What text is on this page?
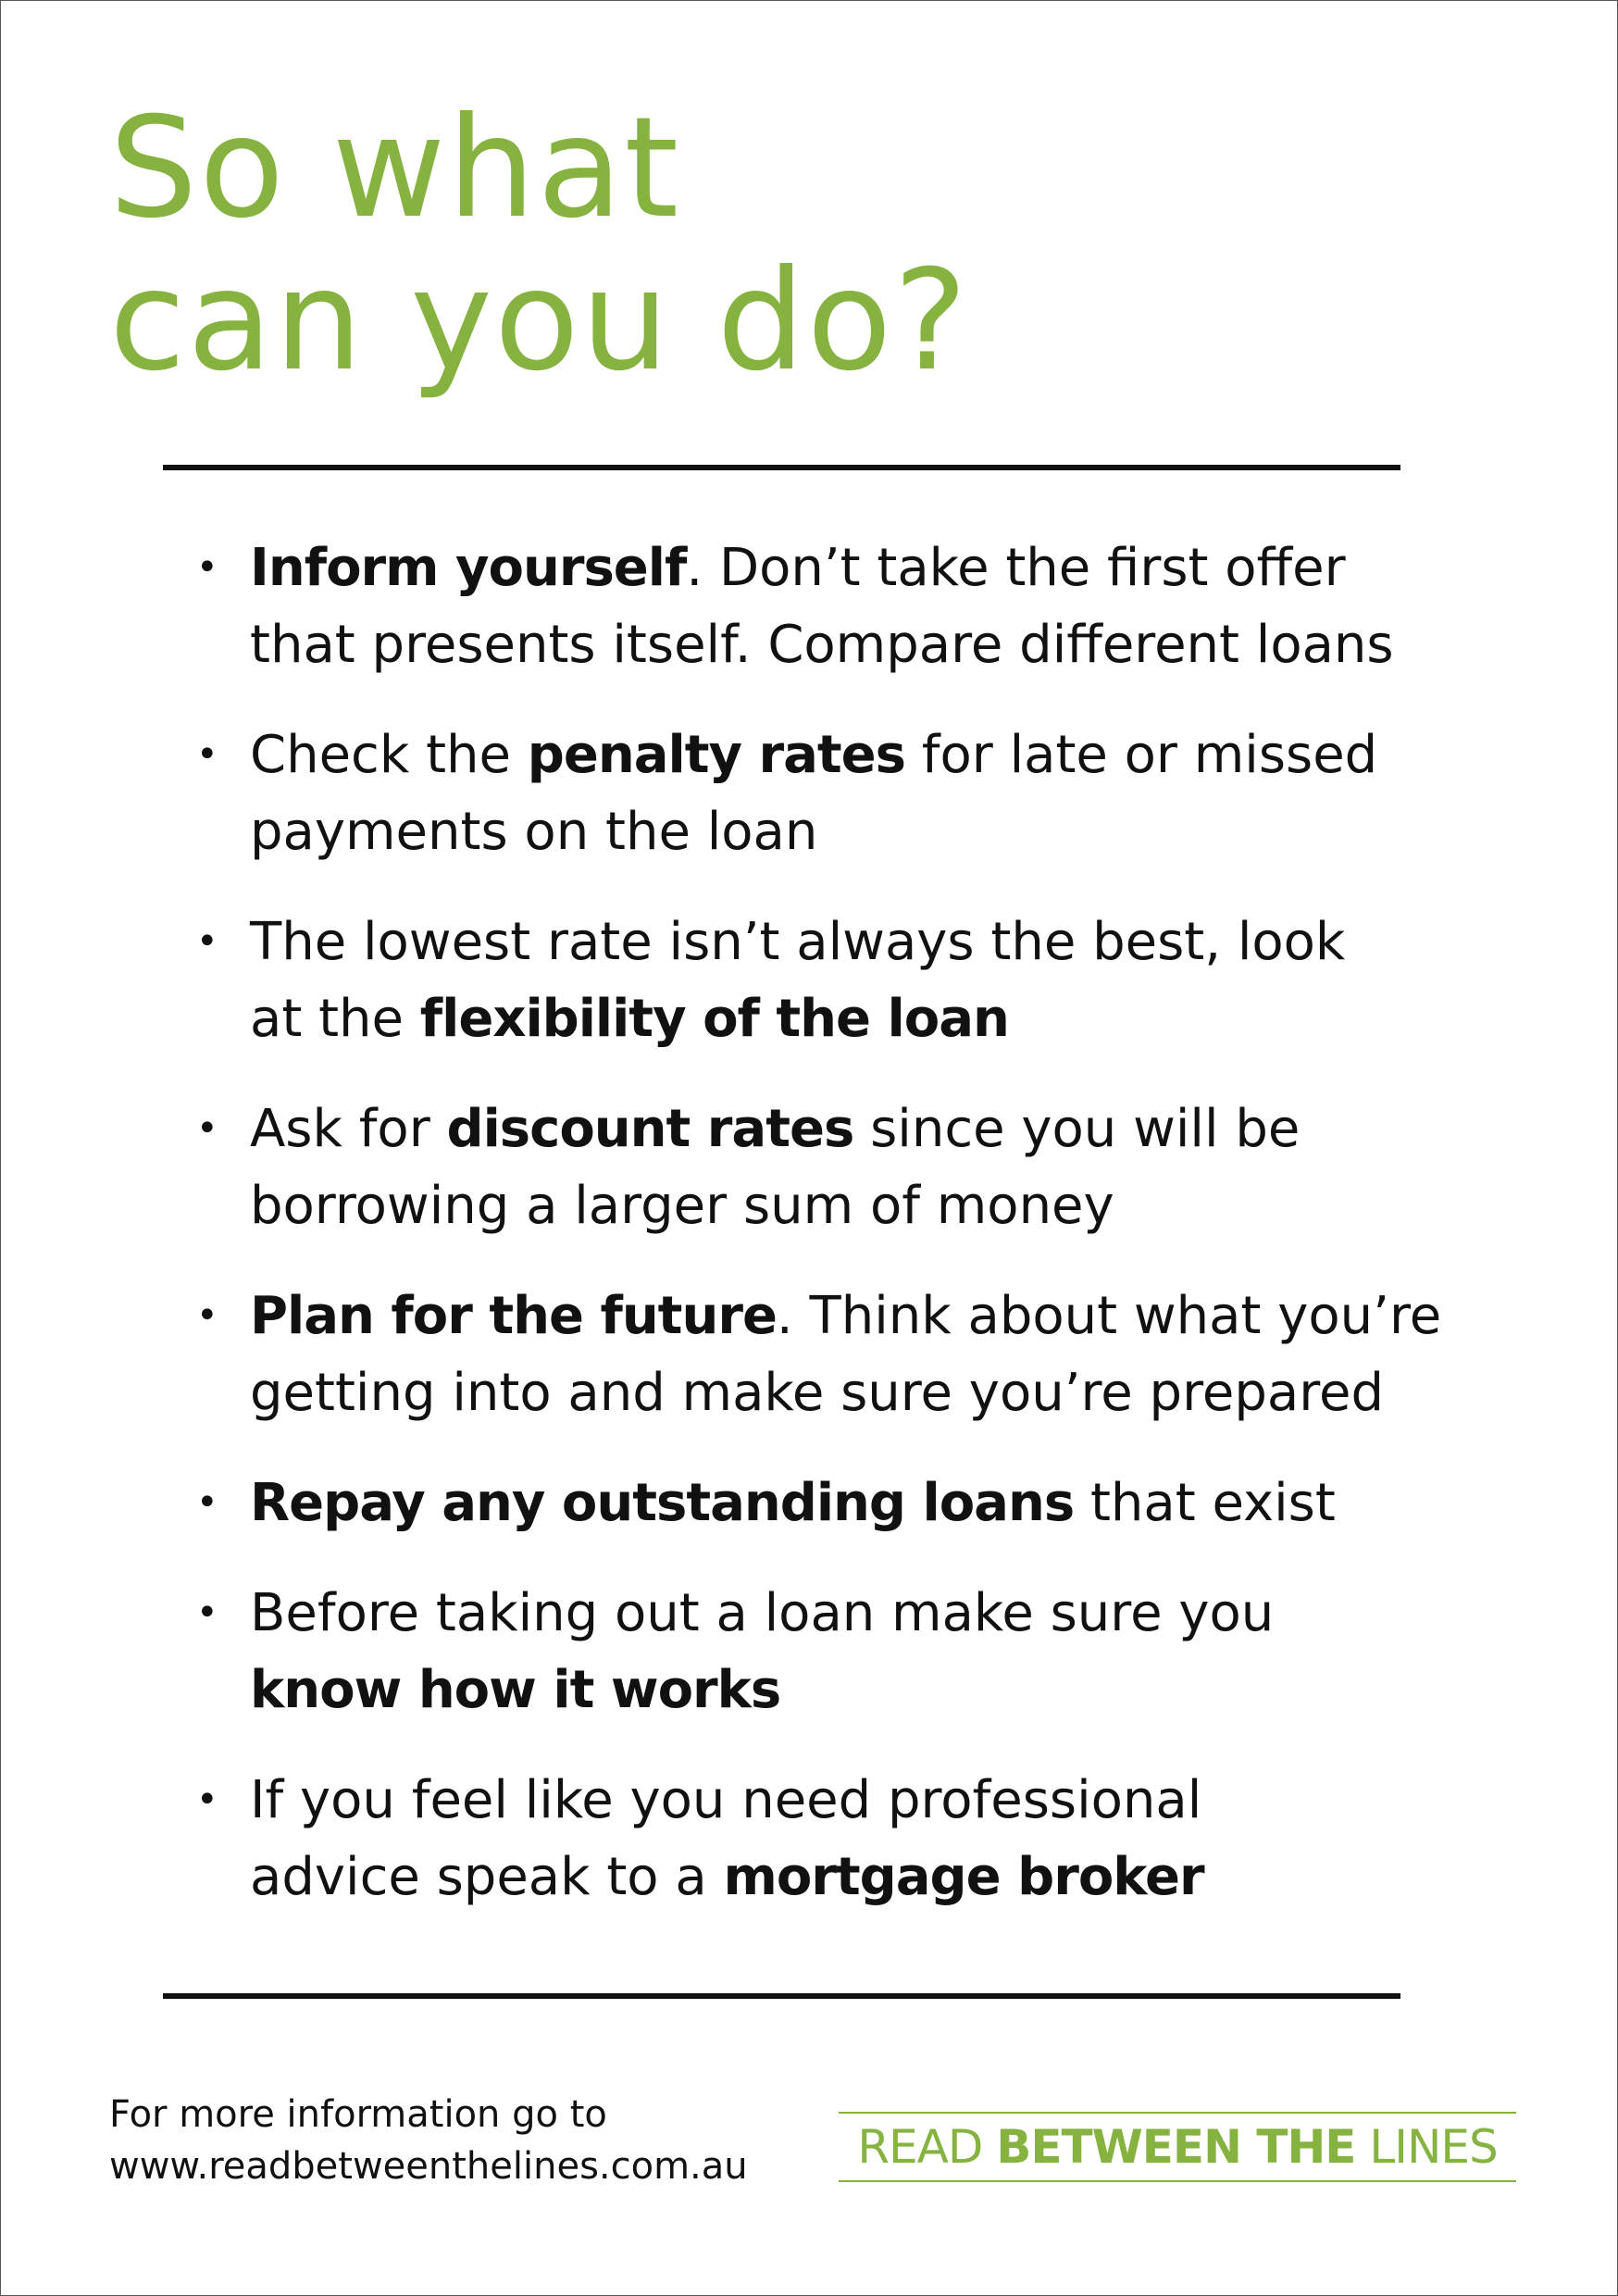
So what
can you do?
• Inform yourself. Don’t take the first offer
that presents itself. Compare different loans
• Check the penalty rates for late or missed
payments on the loan
• The lowest rate isn’t always the best, look
at the flexibility of the loan
• Ask for discount rates since you will be
borrowing a larger sum of money
• Plan for the future. Think about what you’re
getting into and make sure you’re prepared
• Repay any outstanding loans that exist
• Before taking out a loan make sure you
know how it works
• If you feel like you need professional
advice speak to a mortgage broker
For more information go to
www.readbetweenthelines.com.au	READ BETWEEN THE LINES
